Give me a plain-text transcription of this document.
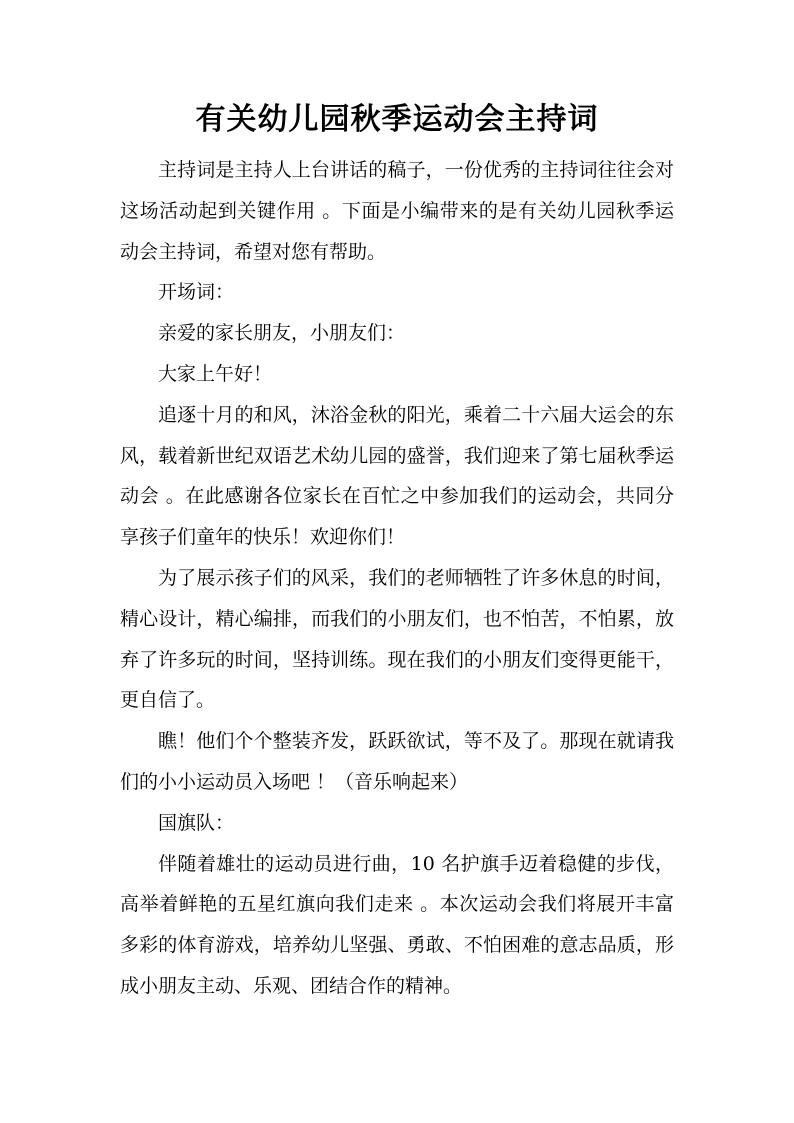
有关幼儿园秋季运动会主持词

主持词是主持人上台讲话的稿子，一份优秀的主持词往往会对这场活动起到关键作用 。下面是小编带来的是有关幼儿园秋季运动会主持词，希望对您有帮助。

开场词：

亲爱的家长朋友，小朋友们：

大家上午好！

追逐十月的和风，沐浴金秋的阳光，乘着二十六届大运会的东风，载着新世纪双语艺术幼儿园的盛誉，我们迎来了第七届秋季运动会 。在此感谢各位家长在百忙之中参加我们的运动会，共同分享孩子们童年的快乐！欢迎你们！

为了展示孩子们的风采，我们的老师牺牲了许多休息的时间，精心设计，精心编排，而我们的小朋友们，也不怕苦，不怕累，放弃了许多玩的时间，坚持训练。现在我们的小朋友们变得更能干，更自信了。

瞧！他们个个整装齐发，跃跃欲试，等不及了。那现在就请我们的小小运动员入场吧 ！（音乐响起来）

国旗队：

伴随着雄壮的运动员进行曲，10 名护旗手迈着稳健的步伐，高举着鲜艳的五星红旗向我们走来 。本次运动会我们将展开丰富多彩的体育游戏，培养幼儿坚强、勇敢、不怕困难的意志品质，形成小朋友主动、乐观、团结合作的精神。
